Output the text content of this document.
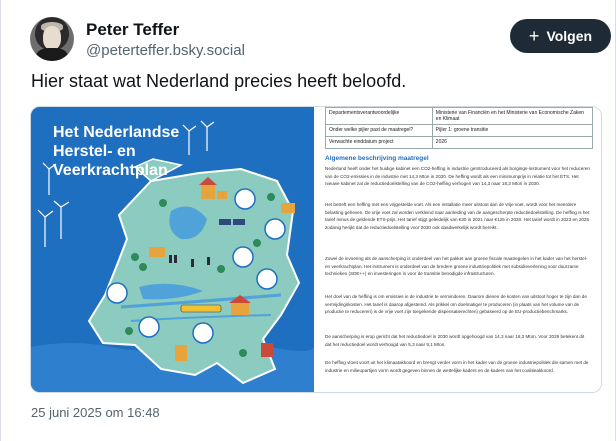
Peter Teffer
@peterteffer.bsky.social
+ Volgen
Hier staat wat Nederland precies heeft beloofd.
Het Nederlandse
Herstel- en
Veerkrachtplan
Departementsverantwoordelijke	Ministerie van Financiën en het Ministerie van Economische Zaken en Klimaat
Onder welke pijler past de maatregel?	Pijler 1: groene transitie
Verwachte einddatum project	2026
Algemene beschrijving maatregel

Nederland heeft onder het huidige kabinet een CO2-heffing in industrie geïntroduceerd als borgings-instrument voor het reduceren van de CO2-emissies in de industrie met 14,3 Mton in 2030. De heffing wordt als een minimumprijs in relatie tot het ETS. Het nieuwe kabinet zal de reductiedoelstelling van de CO2-heffing verhogen van 14,3 naar 18,3 Mton in 2030.

Het betreft een heffing met een vrijgestelde voet. Als een installatie meer uitstoot dan de vrije voet, wordt voor het meerdere belasting geheven. De vrije voet zal worden verkleind naar aanleiding van de aangescherpte reductiedoelstelling. De heffing is het tarief minus de geldende ETS-prijs. Het tarief stijgt geleidelijk van €30 in 2021 naar €125 in 2030. Het tarief wordt in 2023 en 2025 zodanig herijkt dat de reductiedoelstelling voor 2030 ook daadwerkelijk wordt bereikt.

Zowel de invoering als de aanscherping is onderdeel van het pakket aan groene fiscale maatregelen in het kader van het herstel- en veerkrachtplan. Het instrument is onderdeel van de bredere groene industriepolitiek met subsidieverlening voor duurzame technieken (SDE++) en investeringen in voor de transitie benodigde infrastructuren.

Het doel van de heffing is om emissies in de industrie te verminderen. Daarom dienen de kosten van uitstoot hoger te zijn dan de vermijdingskosten. Het tarief is daarop afgestemd. Als prikkel om doelmatiger te produceren (in plaats van het volume van de productie te reduceren) is de vrije voet zijn toegekende dispensatierechten) gebaseerd op de EU-productiebenchmarks.

De aanscherping is erop gericht dat het reductiedoel in 2030 wordt opgehoogd van 14,3 naar 18,3 Mton. Voor 2026 betekent dit dat het reductiedoel wordt verhoogd van 5,3 naar 9,1 Mton.

De heffing vloeit voort uit het klimaatakkoord en brengt verder vorm in het kader van de groene industriepolitiek die samen met de industrie en milieupartijen vorm wordt gegeven binnen de wettelijke kaders en de kaders van het coalitieakkoord.

25 juni 2025 om 16:48
